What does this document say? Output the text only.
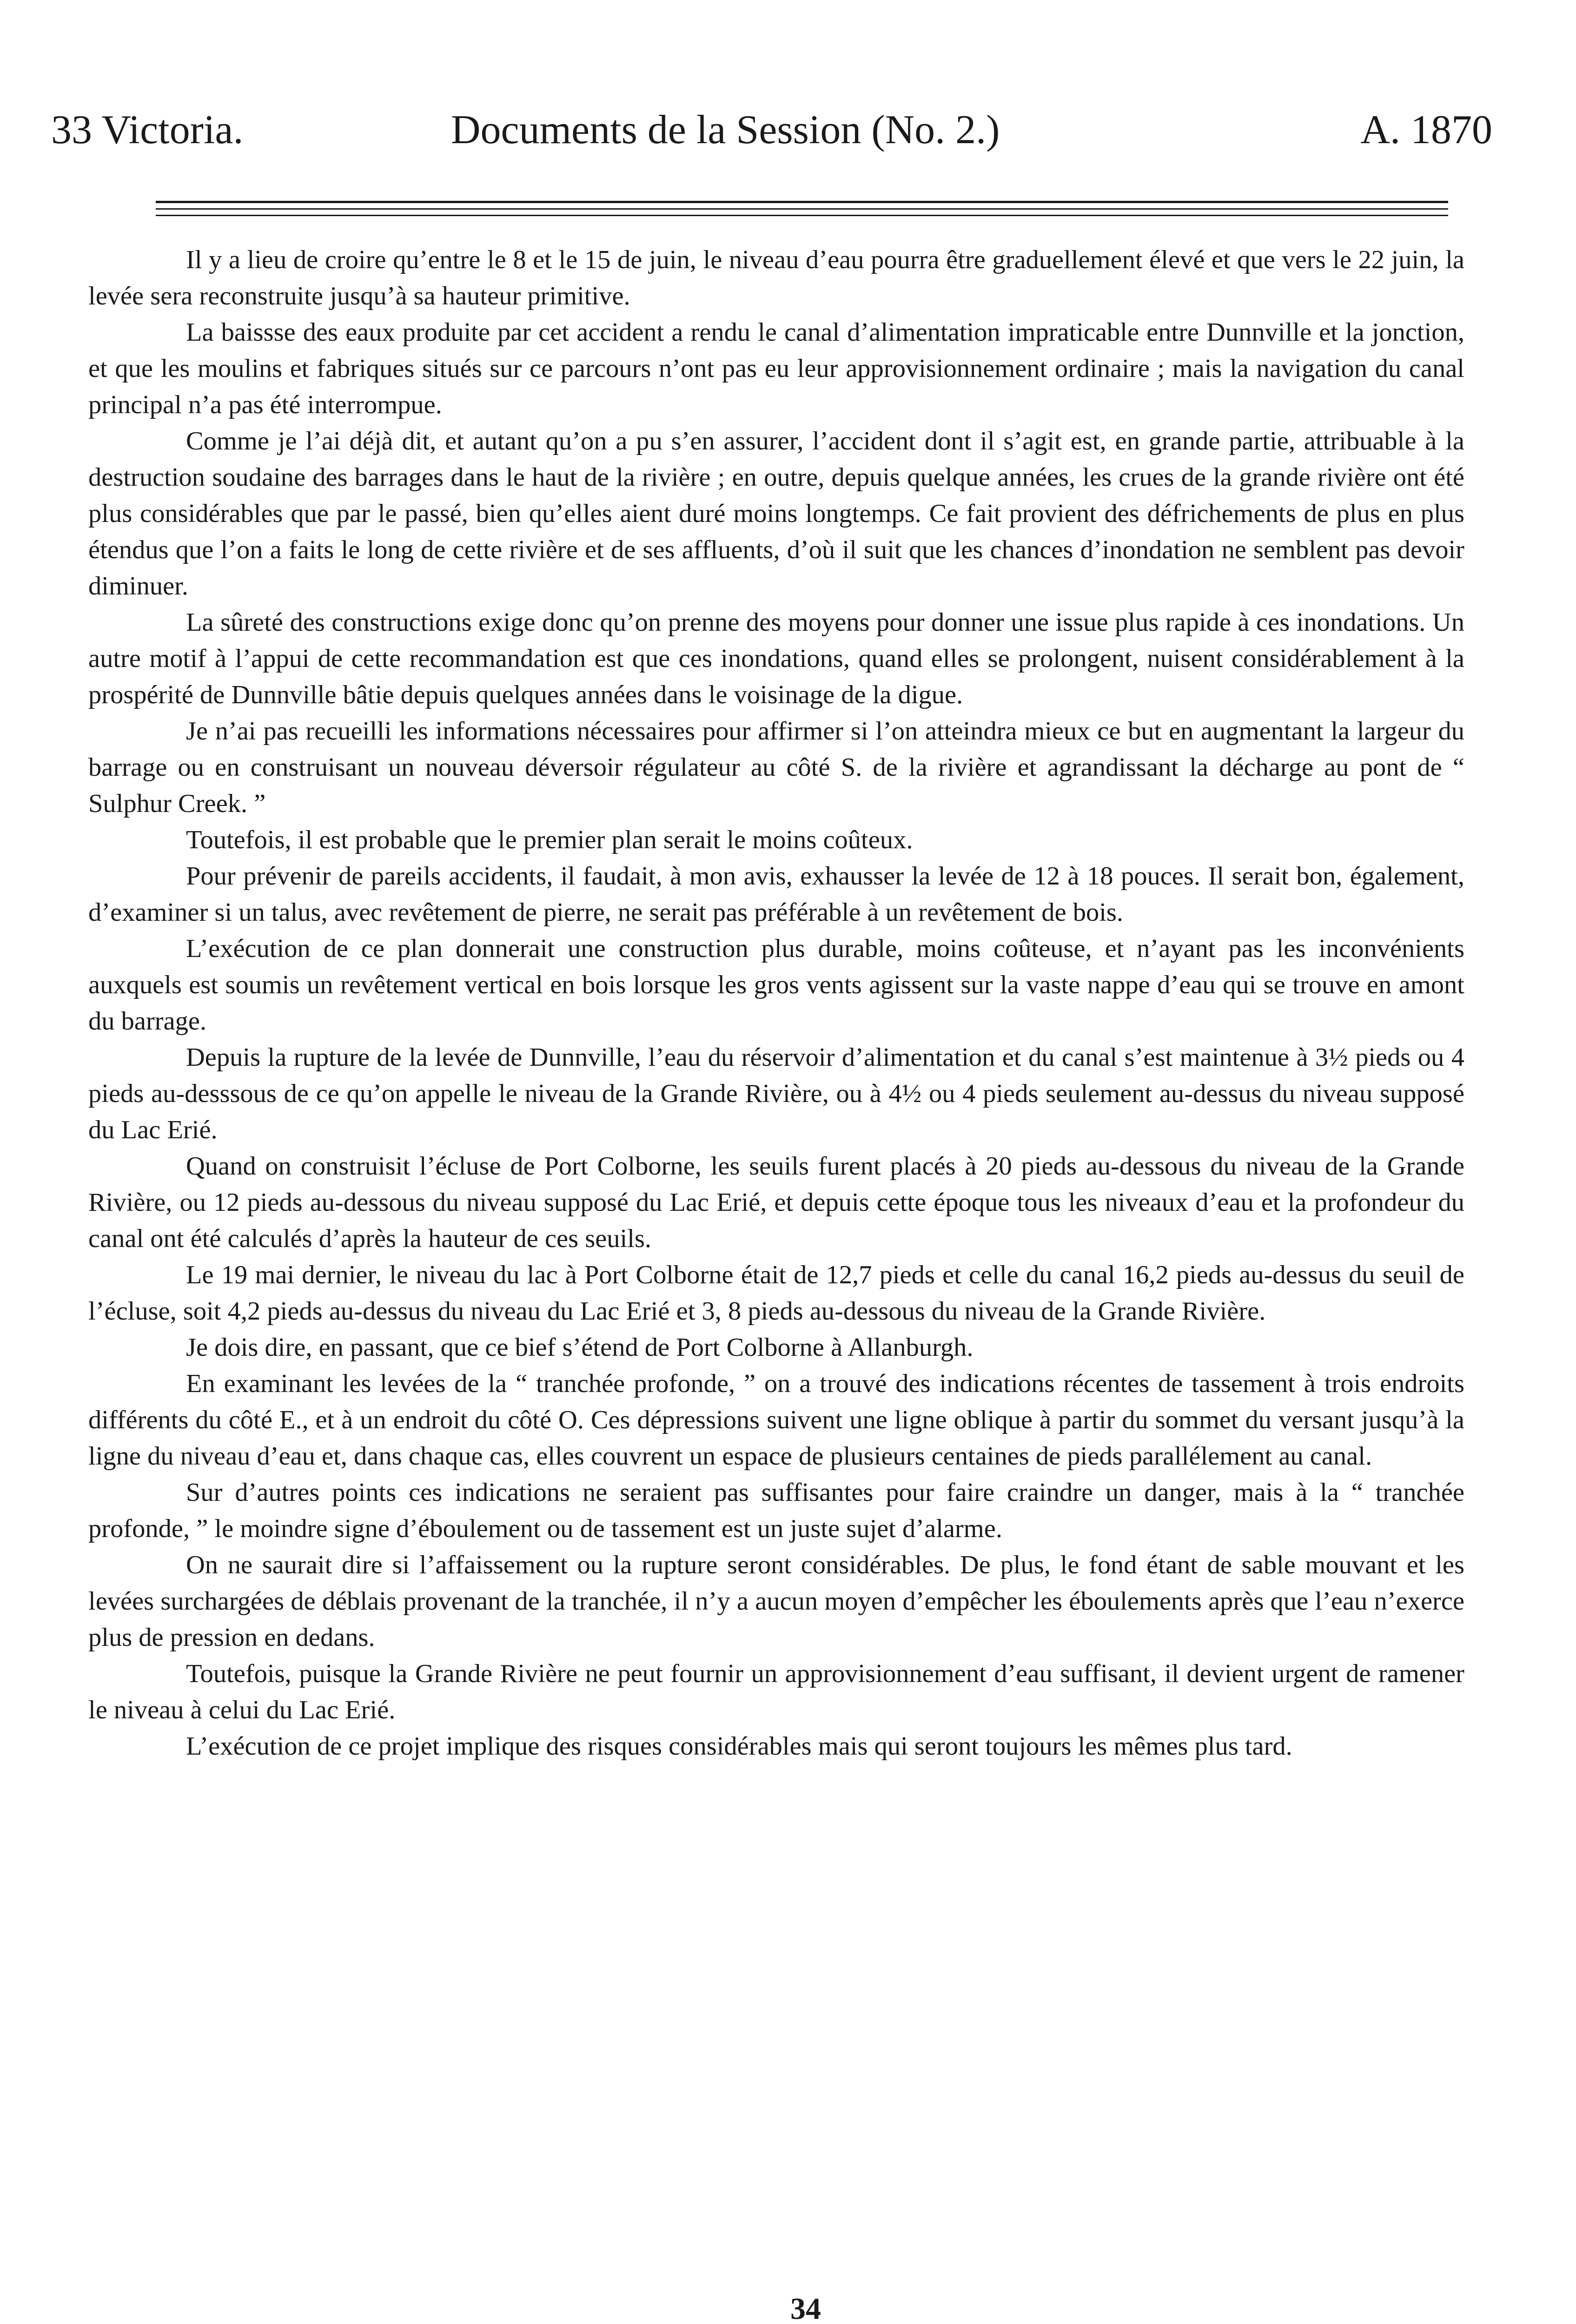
33 Victoria.	Documents de la Session (No. 2.)	A. 1870

Il y a lieu de croire qu’entre le 8 et le 15 de juin, le niveau d’eau pourra être graduellement élevé et que vers le 22 juin, la levée sera reconstruite jusqu’à sa hauteur primitive.

La baissse des eaux produite par cet accident a rendu le canal d’alimentation impraticable entre Dunnville et la jonction, et que les moulins et fabriques situés sur ce parcours n’ont pas eu leur approvisionnement ordinaire ; mais la navigation du canal principal n’a pas été interrompue.

Comme je l’ai déjà dit, et autant qu’on a pu s’en assurer, l’accident dont il s’agit est, en grande partie, attribuable à la destruction soudaine des barrages dans le haut de la rivière ; en outre, depuis quelque années, les crues de la grande rivière ont été plus considérables que par le passé, bien qu’elles aient duré moins longtemps. Ce fait provient des défrichements de plus en plus étendus que l’on a faits le long de cette rivière et de ses affluents, d’où il suit que les chances d’inondation ne semblent pas devoir diminuer.

La sûreté des constructions exige donc qu’on prenne des moyens pour donner une issue plus rapide à ces inondations. Un autre motif à l’appui de cette recommandation est que ces inondations, quand elles se prolongent, nuisent considérablement à la prospérité de Dunnville bâtie depuis quelques années dans le voisinage de la digue.

Je n’ai pas recueilli les informations nécessaires pour affirmer si l’on atteindra mieux ce but en augmentant la largeur du barrage ou en construisant un nouveau déversoir régulateur au côté S. de la rivière et agrandissant la décharge au pont de “ Sulphur Creek. ”

Toutefois, il est probable que le premier plan serait le moins coûteux.

Pour prévenir de pareils accidents, il faudait, à mon avis, exhausser la levée de 12 à 18 pouces. Il serait bon, également, d’examiner si un talus, avec revêtement de pierre, ne serait pas préférable à un revêtement de bois.

L’exécution de ce plan donnerait une construction plus durable, moins coûteuse, et n’ayant pas les inconvénients auxquels est soumis un revêtement vertical en bois lorsque les gros vents agissent sur la vaste nappe d’eau qui se trouve en amont du barrage.

Depuis la rupture de la levée de Dunnville, l’eau du réservoir d’alimentation et du canal s’est maintenue à 3½ pieds ou 4 pieds au-desssous de ce qu’on appelle le niveau de la Grande Rivière, ou à 4½ ou 4 pieds seulement au-dessus du niveau supposé du Lac Erié.

Quand on construisit l’écluse de Port Colborne, les seuils furent placés à 20 pieds au-dessous du niveau de la Grande Rivière, ou 12 pieds au-dessous du niveau supposé du Lac Erié, et depuis cette époque tous les niveaux d’eau et la profondeur du canal ont été calculés d’après la hauteur de ces seuils.

Le 19 mai dernier, le niveau du lac à Port Colborne était de 12,7 pieds et celle du canal 16,2 pieds au-dessus du seuil de l’écluse, soit 4,2 pieds au-dessus du niveau du Lac Erié et 3, 8 pieds au-dessous du niveau de la Grande Rivière.

Je dois dire, en passant, que ce bief s’étend de Port Colborne à Allanburgh.

En examinant les levées de la “ tranchée profonde, ” on a trouvé des indications récentes de tassement à trois endroits différents du côté E., et à un endroit du côté O. Ces dépressions suivent une ligne oblique à partir du sommet du versant jusqu’à la ligne du niveau d’eau et, dans chaque cas, elles couvrent un espace de plusieurs centaines de pieds parallélement au canal.

Sur d’autres points ces indications ne seraient pas suffisantes pour faire craindre un danger, mais à la “ tranchée profonde, ” le moindre signe d’éboulement ou de tassement est un juste sujet d’alarme.

On ne saurait dire si l’affaissement ou la rupture seront considérables. De plus, le fond étant de sable mouvant et les levées surchargées de déblais provenant de la tranchée, il n’y a aucun moyen d’empêcher les éboulements après que l’eau n’exerce plus de pression en dedans.

Toutefois, puisque la Grande Rivière ne peut fournir un approvisionnement d’eau suffisant, il devient urgent de ramener le niveau à celui du Lac Erié.

L’exécution de ce projet implique des risques considérables mais qui seront toujours les mêmes plus tard.

34
